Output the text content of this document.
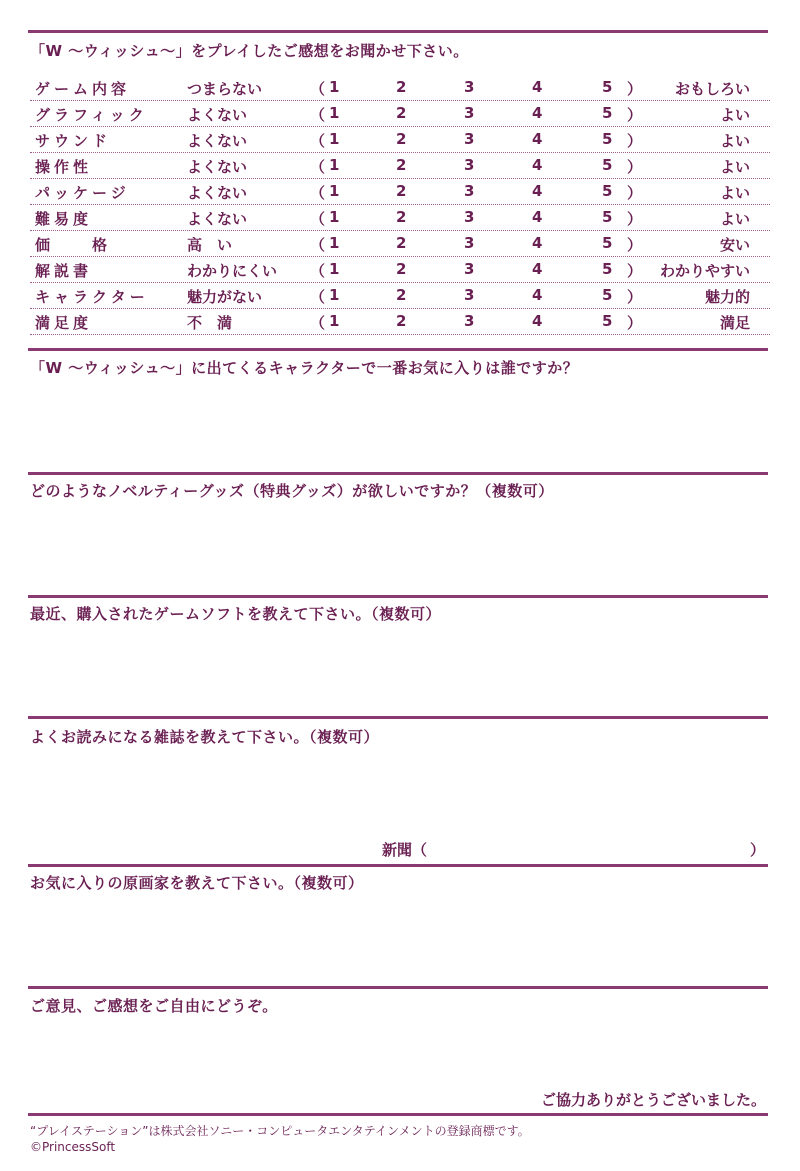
「W 〜ウィッシュ〜」をプレイしたご感想をお聞かせ下さい。
ゲーム内容	つまらない	（ 1	2	3	4	5 ） おもしろい
グラフィック	よくない	（ 1	2	3	4	5 ）	よい
サウンド	よくない	（ 1	2	3	4	5 ）	よい
操作性	よくない	（ 1	2	3	4	5 ）	よい
パッケージ	よくない	（ 1	2	3	4	5 ）	よい
難易度	よくない	（ 1	2	3	4	5 ）	よい
価　　格	高　い	（ 1	2	3	4	5 ）	安い
解説書	わかりにくい （ 1	2	3	4	5 ） わかりやすい
キャラクター	魅力がない	（ 1	2	3	4	5 ）	魅力的
満足度	不　満	（ 1	2	3	4	5 ）	満足
「W 〜ウィッシュ〜」に出てくるキャラクターで一番お気に入りは誰ですか？
どのようなノベルティーグッズ（特典グッズ）が欲しいですか？（複数可）
最近、購入されたゲームソフトを教えて下さい。（複数可）
よくお読みになる雑誌を教えて下さい。（複数可）
新聞（	）
お気に入りの原画家を教えて下さい。（複数可）
ご意見、ご感想をご自由にどうぞ。
ご協力ありがとうございました。
“プレイステーション”は株式会社ソニー・コンピュータエンタテインメントの登録商標です。
©PrincessSoft
